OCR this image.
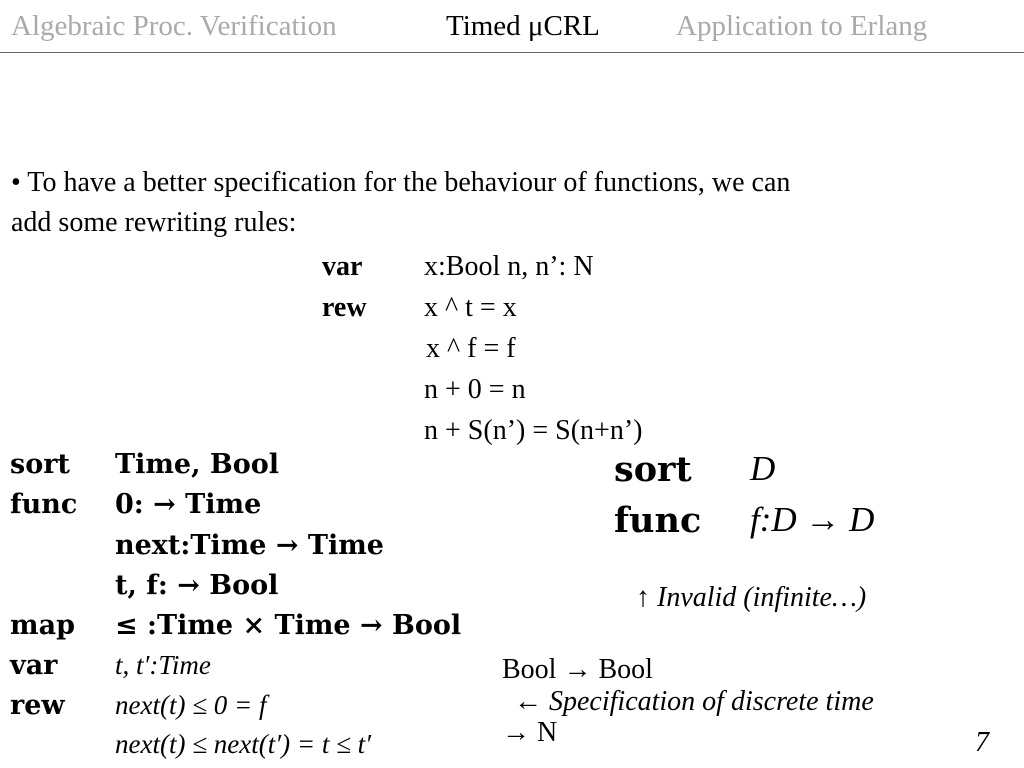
Algebraic Proc. Verification	Timed μCRL	Application to Erlang
• To have a better specification for the behaviour of functions, we can
add some rewriting rules:
var x:Bool n, n’: N
rew x ^ t = x
x ^ f = f
n + 0 = n
n + S(n’) = S(n+n’)
sort Time, Bool
func 0: → Time
next:Time → Time
t, f: → Bool
map ≤ :Time × Time → Bool
var t, t′:Time
rew next(t) ≤ 0 = f
next(t) ≤ next(t′) = t ≤ t′
sort D
func f:D → D
↑ Invalid (infinite…)
Bool → Bool
← Specification of discrete time
→ N	7
